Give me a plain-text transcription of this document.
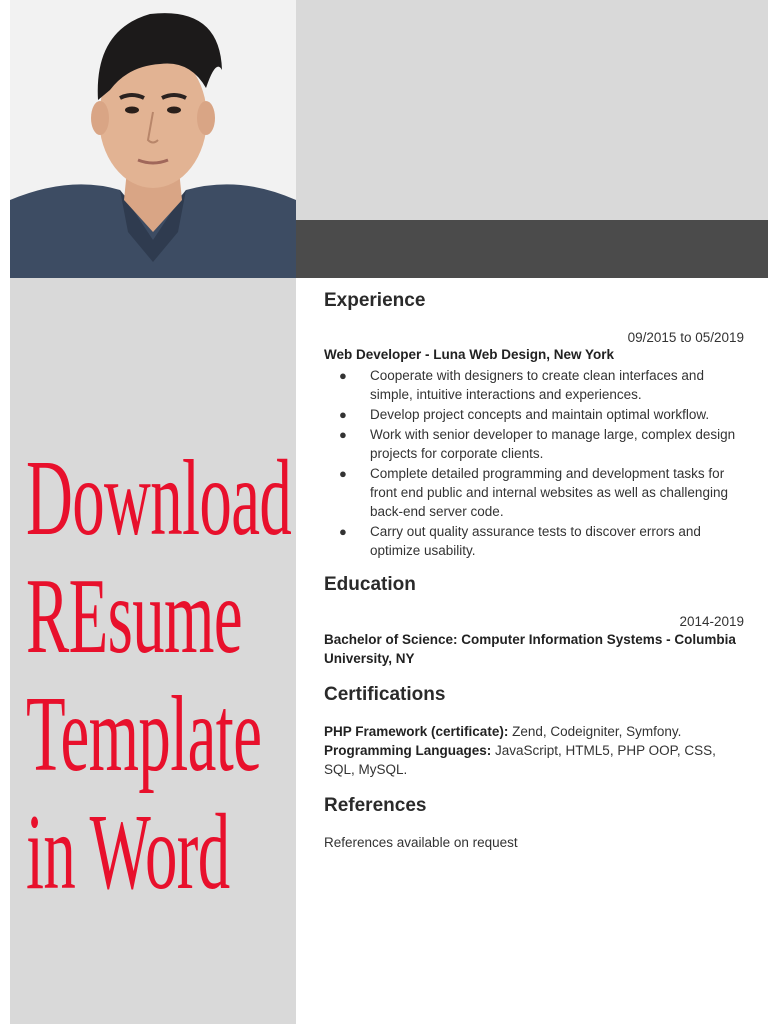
Download
REsume
Template
in Word
Experience
09/2015 to 05/2019
Web Developer - Luna Web Design, New York
● Cooperate with designers to create clean interfaces and simple, intuitive interactions and experiences.
● Develop project concepts and maintain optimal workflow.
● Work with senior developer to manage large, complex design projects for corporate clients.
● Complete detailed programming and development tasks for front end public and internal websites as well as challenging back-end server code.
● Carry out quality assurance tests to discover errors and optimize usability.
Education
2014-2019
Bachelor of Science: Computer Information Systems - Columbia University, NY
Certifications
PHP Framework (certificate): Zend, Codeigniter, Symfony.
Programming Languages: JavaScript, HTML5, PHP OOP, CSS, SQL, MySQL.
References
References available on request
